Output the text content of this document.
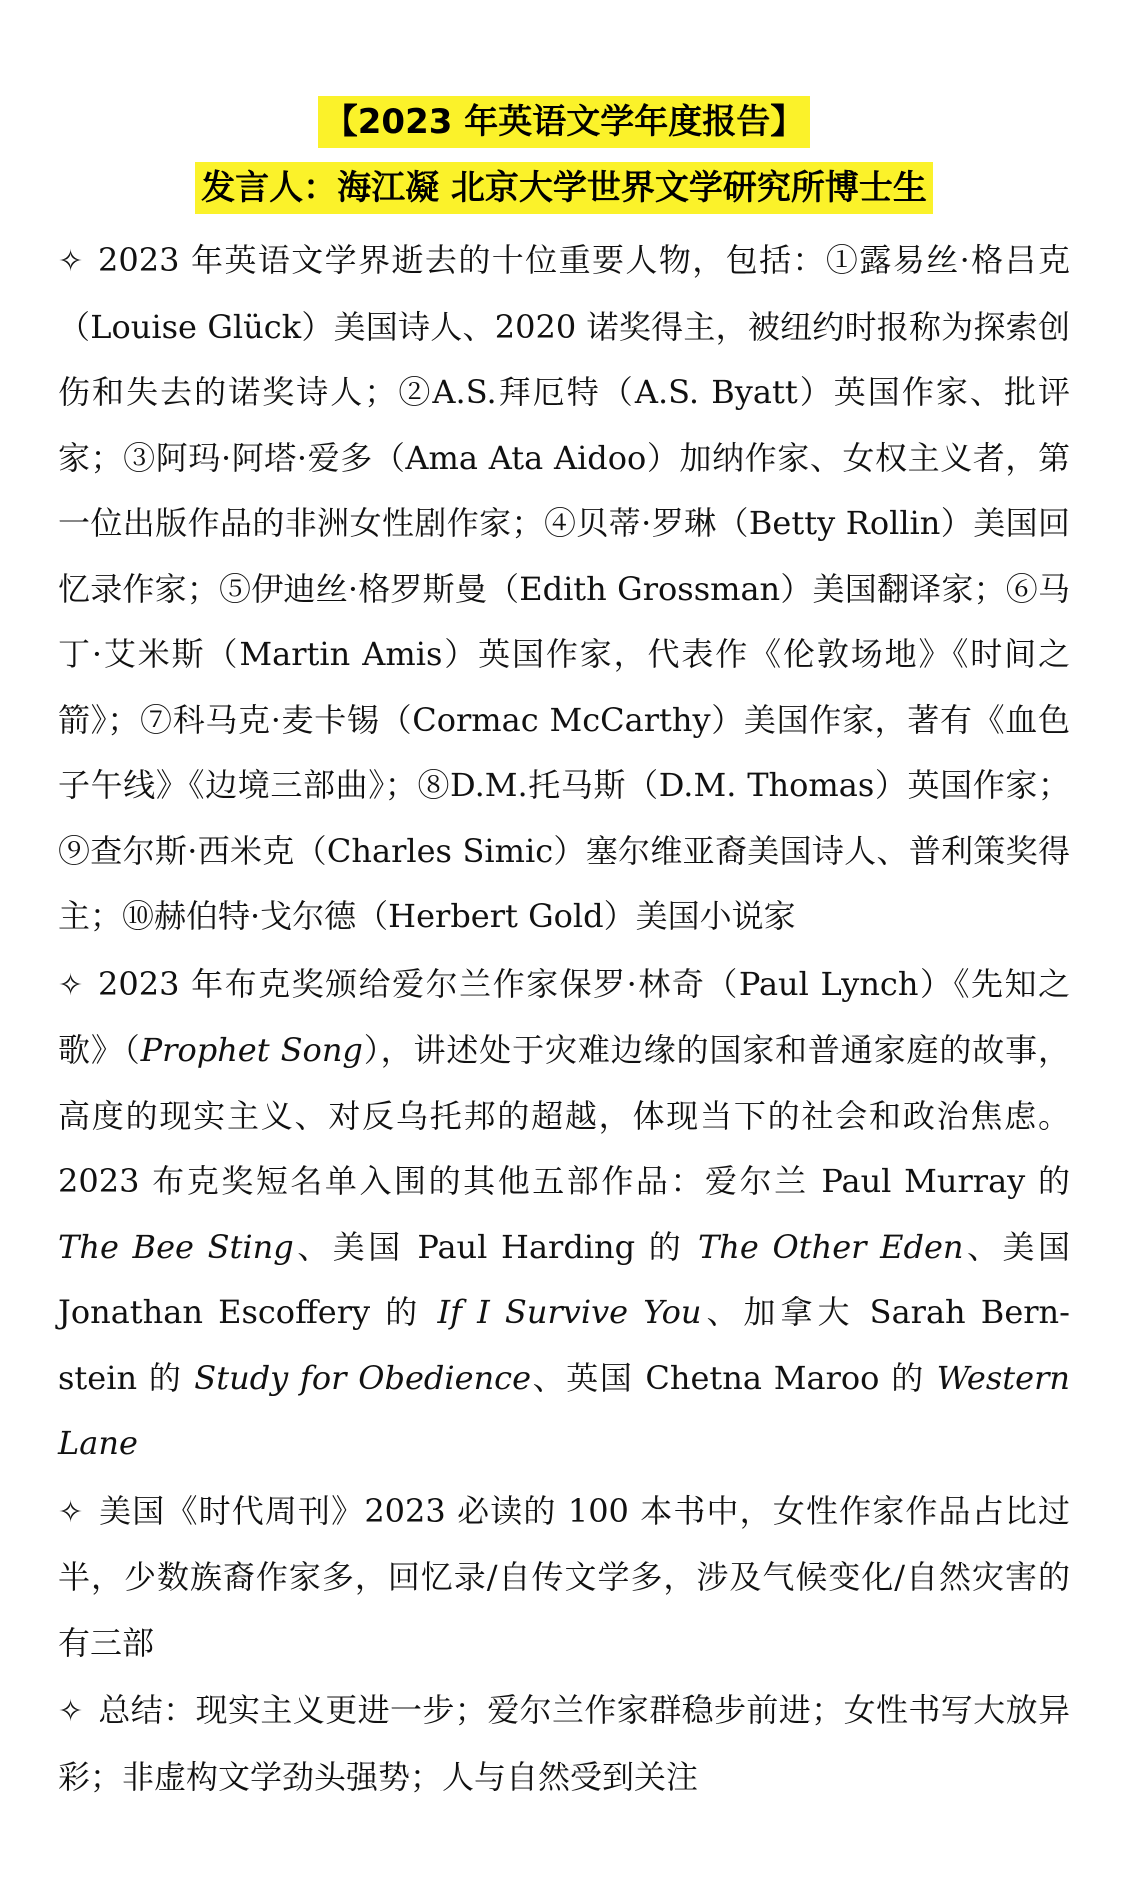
【2023 年英语文学年度报告】
发言人：海江凝 北京大学世界文学研究所博士生

✧ 2023 年英语文学界逝去的十位重要人物，包括：①露易丝·格吕克（Louise Glück）美国诗人、2020 诺奖得主，被纽约时报称为探索创伤和失去的诺奖诗人；②A.S.拜厄特（A.S. Byatt）英国作家、批评家；③阿玛·阿塔·爱多（Ama Ata Aidoo）加纳作家、女权主义者，第一位出版作品的非洲女性剧作家；④贝蒂·罗琳（Betty Rollin）美国回忆录作家；⑤伊迪丝·格罗斯曼（Edith Grossman）美国翻译家；⑥马丁·艾米斯（Martin Amis）英国作家，代表作《伦敦场地》《时间之箭》；⑦科马克·麦卡锡（Cormac McCarthy）美国作家，著有《血色子午线》《边境三部曲》；⑧D.M.托马斯（D.M. Thomas）英国作家；⑨查尔斯·西米克（Charles Simic）塞尔维亚裔美国诗人、普利策奖得主；⑩赫伯特·戈尔德（Herbert Gold）美国小说家

✧ 2023 年布克奖颁给爱尔兰作家保罗·林奇（Paul Lynch）《先知之歌》（Prophet Song），讲述处于灾难边缘的国家和普通家庭的故事，高度的现实主义、对反乌托邦的超越，体现当下的社会和政治焦虑。2023 布克奖短名单入围的其他五部作品：爱尔兰 Paul Murray 的 The Bee Sting、美国 Paul Harding 的 The Other Eden、美国 Jonathan Escoffery 的 If I Survive You、加拿大 Sarah Bern-stein 的 Study for Obedience、英国 Chetna Maroo 的 Western Lane

✧ 美国《时代周刊》2023 必读的 100 本书中，女性作家作品占比过半，少数族裔作家多，回忆录/自传文学多，涉及气候变化/自然灾害的有三部

✧ 总结：现实主义更进一步；爱尔兰作家群稳步前进；女性书写大放异彩；非虚构文学劲头强势；人与自然受到关注
